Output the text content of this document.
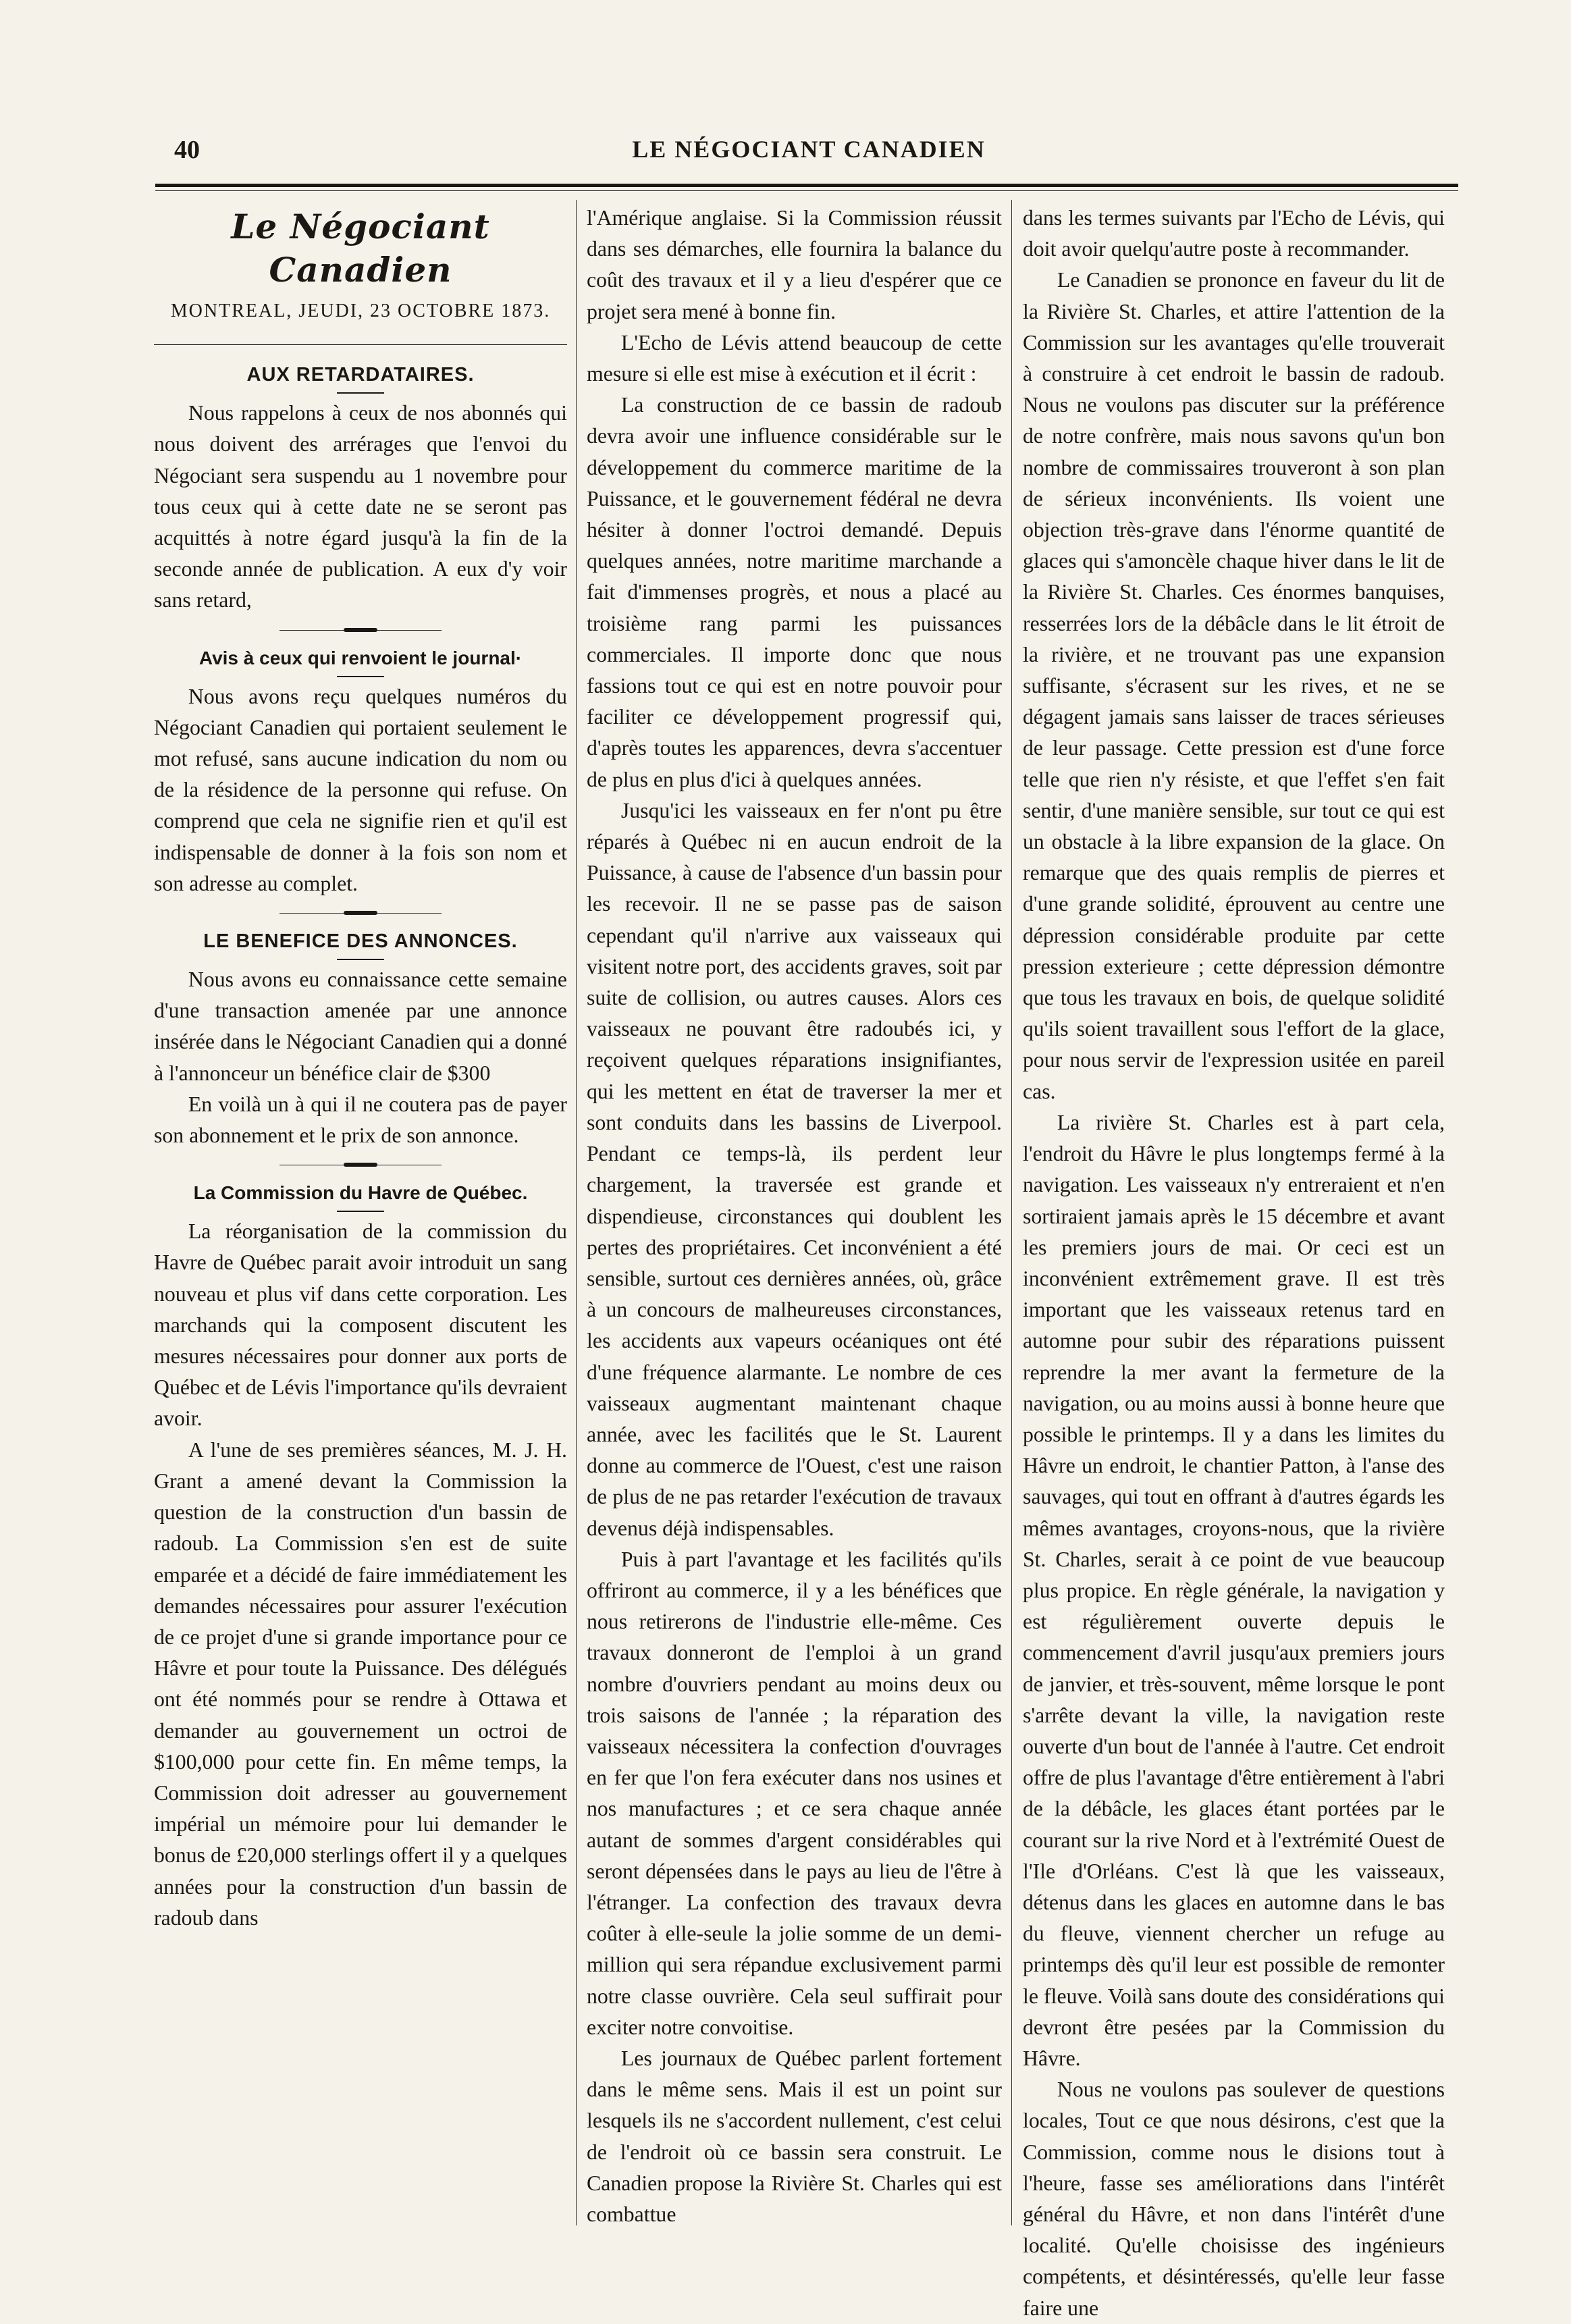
40	LE NÉGOCIANT CANADIEN
Le Négociant Canadien
MONTREAL, JEUDI, 23 OCTOBRE 1873.
AUX RETARDATAIRES.

Nous rappelons à ceux de nos abonnés qui nous doivent des arrérages que l'envoi du Négociant sera suspendu au 1 novembre pour tous ceux qui à cette date ne se seront pas acquittés à notre égard jusqu'à la fin de la seconde année de publication. A eux d'y voir sans retard,

Avis à ceux qui renvoient le journal·

Nous avons reçu quelques numéros du Négociant Canadien qui portaient seulement le mot refusé, sans aucune indication du nom ou de la résidence de la personne qui refuse. On comprend que cela ne signifie rien et qu'il est indispensable de donner à la fois son nom et son adresse au complet.

LE BENEFICE DES ANNONCES.

Nous avons eu connaissance cette semaine d'une transaction amenée par une annonce insérée dans le Négociant Canadien qui a donné à l'annonceur un bénéfice clair de $300

En voilà un à qui il ne coutera pas de payer son abonnement et le prix de son annonce.

La Commission du Havre de Québec.

La réorganisation de la commission du Havre de Québec parait avoir introduit un sang nouveau et plus vif dans cette corporation. Les marchands qui la composent discutent les mesures nécessaires pour donner aux ports de Québec et de Lévis l'importance qu'ils devraient avoir.

A l'une de ses premières séances, M. J. H. Grant a amené devant la Commission la question de la construction d'un bassin de radoub. La Commission s'en est de suite emparée et a décidé de faire immédiatement les demandes nécessaires pour assurer l'exécution de ce projet d'une si grande importance pour ce Hâvre et pour toute la Puissance. Des délégués ont été nommés pour se rendre à Ottawa et demander au gouvernement un octroi de $100,000 pour cette fin. En même temps, la Commission doit adresser au gouvernement impérial un mémoire pour lui demander le bonus de £20,000 sterlings offert il y a quelques années pour la construction d'un bassin de radoub dans

l'Amérique anglaise. Si la Commission réussit dans ses démarches, elle fournira la balance du coût des travaux et il y a lieu d'espérer que ce projet sera mené à bonne fin.

L'Echo de Lévis attend beaucoup de cette mesure si elle est mise à exécution et il écrit :

La construction de ce bassin de radoub devra avoir une influence considérable sur le développement du commerce maritime de la Puissance, et le gouvernement fédéral ne devra hésiter à donner l'octroi demandé. Depuis quelques années, notre maritime marchande a fait d'immenses progrès, et nous a placé au troisième rang parmi les puissances commerciales. Il importe donc que nous fassions tout ce qui est en notre pouvoir pour faciliter ce développement progressif qui, d'après toutes les apparences, devra s'accentuer de plus en plus d'ici à quelques années.

Jusqu'ici les vaisseaux en fer n'ont pu être réparés à Québec ni en aucun endroit de la Puissance, à cause de l'absence d'un bassin pour les recevoir. Il ne se passe pas de saison cependant qu'il n'arrive aux vaisseaux qui visitent notre port, des accidents graves, soit par suite de collision, ou autres causes. Alors ces vaisseaux ne pouvant être radoubés ici, y reçoivent quelques réparations insignifiantes, qui les mettent en état de traverser la mer et sont conduits dans les bassins de Liverpool. Pendant ce temps-là, ils perdent leur chargement, la traversée est grande et dispendieuse, circonstances qui doublent les pertes des propriétaires. Cet inconvénient a été sensible, surtout ces dernières années, où, grâce à un concours de malheureuses circonstances, les accidents aux vapeurs océaniques ont été d'une fréquence alarmante. Le nombre de ces vaisseaux augmentant maintenant chaque année, avec les facilités que le St. Laurent donne au commerce de l'Ouest, c'est une raison de plus de ne pas retarder l'exécution de travaux devenus déjà indispensables.

Puis à part l'avantage et les facilités qu'ils offriront au commerce, il y a les bénéfices que nous retirerons de l'industrie elle-même. Ces travaux donneront de l'emploi à un grand nombre d'ouvriers pendant au moins deux ou trois saisons de l'année ; la réparation des vaisseaux nécessitera la confection d'ouvrages en fer que l'on fera exécuter dans nos usines et nos manufactures ; et ce sera chaque année autant de sommes d'argent considérables qui seront dépensées dans le pays au lieu de l'être à l'étranger. La confection des travaux devra coûter à elle-seule la jolie somme de un demi-million qui sera répandue exclusivement parmi notre classe ouvrière. Cela seul suffirait pour exciter notre convoitise.

Les journaux de Québec parlent fortement dans le même sens. Mais il est un point sur lesquels ils ne s'accordent nullement, c'est celui de l'endroit où ce bassin sera construit. Le Canadien propose la Rivière St. Charles qui est combattue

dans les termes suivants par l'Echo de Lévis, qui doit avoir quelqu'autre poste à recommander.

Le Canadien se prononce en faveur du lit de la Rivière St. Charles, et attire l'attention de la Commission sur les avantages qu'elle trouverait à construire à cet endroit le bassin de radoub. Nous ne voulons pas discuter sur la préférence de notre confrère, mais nous savons qu'un bon nombre de commissaires trouveront à son plan de sérieux inconvénients. Ils voient une objection très-grave dans l'énorme quantité de glaces qui s'amoncèle chaque hiver dans le lit de la Rivière St. Charles. Ces énormes banquises, resserrées lors de la débâcle dans le lit étroit de la rivière, et ne trouvant pas une expansion suffisante, s'écrasent sur les rives, et ne se dégagent jamais sans laisser de traces sérieuses de leur passage. Cette pression est d'une force telle que rien n'y résiste, et que l'effet s'en fait sentir, d'une manière sensible, sur tout ce qui est un obstacle à la libre expansion de la glace. On remarque que des quais remplis de pierres et d'une grande solidité, éprouvent au centre une dépression considérable produite par cette pression exterieure ; cette dépression démontre que tous les travaux en bois, de quelque solidité qu'ils soient travaillent sous l'effort de la glace, pour nous servir de l'expression usitée en pareil cas.

La rivière St. Charles est à part cela, l'endroit du Hâvre le plus longtemps fermé à la navigation. Les vaisseaux n'y entreraient et n'en sortiraient jamais après le 15 décembre et avant les premiers jours de mai. Or ceci est un inconvénient extrêmement grave. Il est très important que les vaisseaux retenus tard en automne pour subir des réparations puissent reprendre la mer avant la fermeture de la navigation, ou au moins aussi à bonne heure que possible le printemps. Il y a dans les limites du Hâvre un endroit, le chantier Patton, à l'anse des sauvages, qui tout en offrant à d'autres égards les mêmes avantages, croyons-nous, que la rivière St. Charles, serait à ce point de vue beaucoup plus propice. En règle générale, la navigation y est régulièrement ouverte depuis le commencement d'avril jusqu'aux premiers jours de janvier, et très-souvent, même lorsque le pont s'arrête devant la ville, la navigation reste ouverte d'un bout de l'année à l'autre. Cet endroit offre de plus l'avantage d'être entièrement à l'abri de la débâcle, les glaces étant portées par le courant sur la rive Nord et à l'extrémité Ouest de l'Ile d'Orléans. C'est là que les vaisseaux, détenus dans les glaces en automne dans le bas du fleuve, viennent chercher un refuge au printemps dès qu'il leur est possible de remonter le fleuve. Voilà sans doute des considérations qui devront être pesées par la Commission du Hâvre.

Nous ne voulons pas soulever de questions locales, Tout ce que nous désirons, c'est que la Commission, comme nous le disions tout à l'heure, fasse ses améliorations dans l'intérêt général du Hâvre, et non dans l'intérêt d'une localité. Qu'elle choisisse des ingénieurs compétents, et désintéressés, qu'elle leur fasse faire une
